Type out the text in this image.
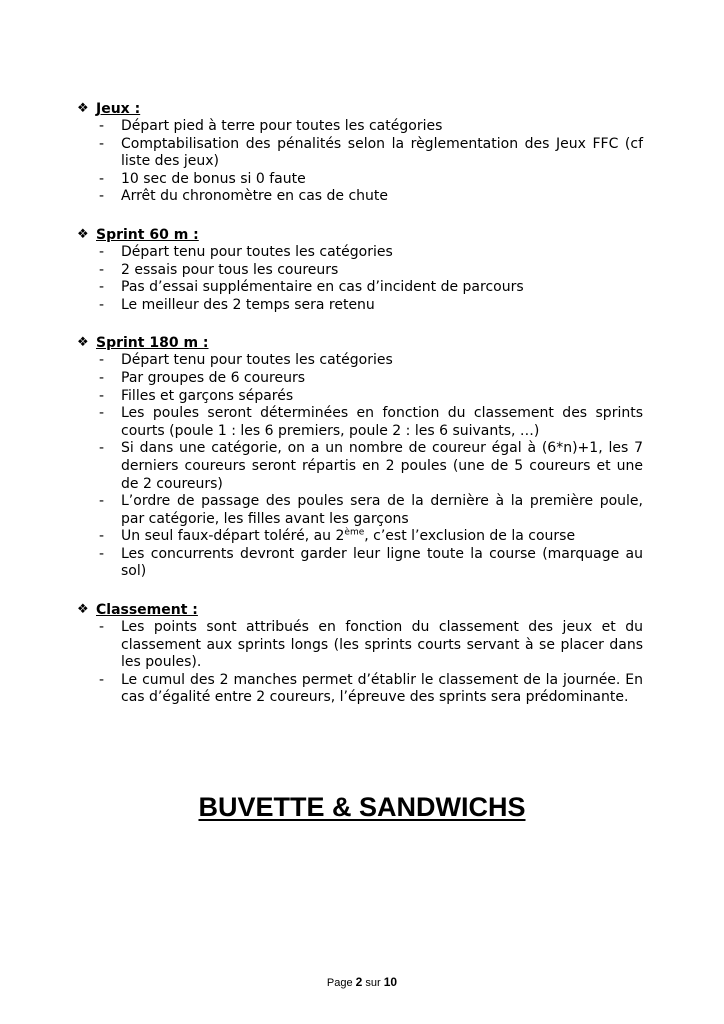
❖ Jeux :
- Départ pied à terre pour toutes les catégories
- Comptabilisation des pénalités selon la règlementation des Jeux FFC (cf liste des jeux)
- 10 sec de bonus si 0 faute
- Arrêt du chronomètre en cas de chute
❖ Sprint 60 m :
- Départ tenu pour toutes les catégories
- 2 essais pour tous les coureurs
- Pas d’essai supplémentaire en cas d’incident de parcours
- Le meilleur des 2 temps sera retenu
❖ Sprint 180 m :
- Départ tenu pour toutes les catégories
- Par groupes de 6 coureurs
- Filles et garçons séparés
- Les poules seront déterminées en fonction du classement des sprints courts (poule 1 : les 6 premiers, poule 2 : les 6 suivants, …)
- Si dans une catégorie, on a un nombre de coureur égal à (6*n)+1, les 7 derniers coureurs seront répartis en 2 poules (une de 5 coureurs et une de 2 coureurs)
- L’ordre de passage des poules sera de la dernière à la première poule, par catégorie, les filles avant les garçons
- Un seul faux-départ toléré, au 2ème, c’est l’exclusion de la course
- Les concurrents devront garder leur ligne toute la course (marquage au sol)
❖ Classement :
- Les points sont attribués en fonction du classement des jeux et du classement aux sprints longs (les sprints courts servant à se placer dans les poules).
- Le cumul des 2 manches permet d’établir le classement de la journée. En cas d’égalité entre 2 coureurs, l’épreuve des sprints sera prédominante.
BUVETTE & SANDWICHS
Page 2 sur 10
